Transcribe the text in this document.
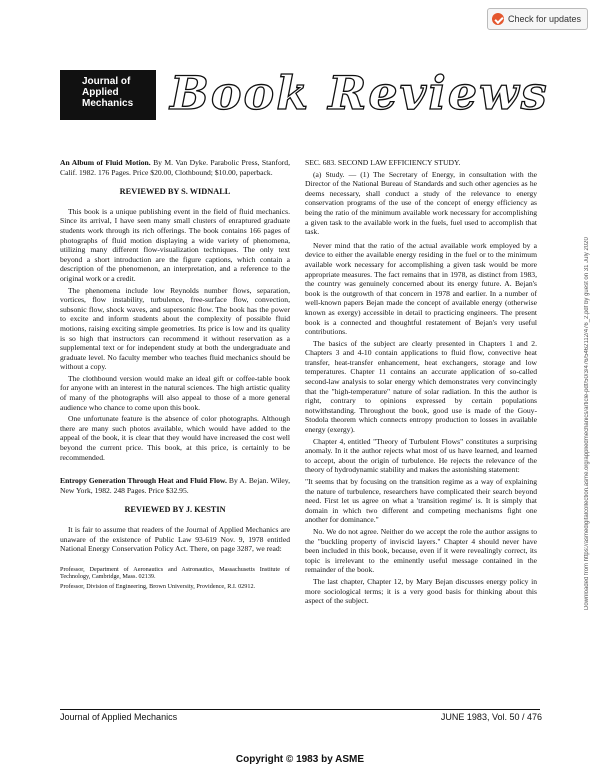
Check for updates
Journal of Applied Mechanics Book Reviews
Downloaded from https://asmedigitalcollection.asme.org/appliedmechanics/article-pdf/50/3/476/5462112/476_2.pdf by guest on 31 July 2020

An Album of Fluid Motion. By M. Van Dyke. Parabolic Press, Stanford, Calif. 1982. 176 Pages. Price $20.00, Clothbound; $10.00, paperback.

REVIEWED BY S. WIDNALL

This book is a unique publishing event in the field of fluid mechanics. Since its arrival, I have seen many small clusters of enraptured graduate students work through its rich offerings. The book contains 166 pages of photographs of fluid motion displaying a wide variety of phenomena, utilizing many different flow-visualization techniques. The only text beyond a short introduction are the figure captions, which contain a description of the phenomenon, an interpretation, and a reference to the original work or a credit.

The phenomena include low Reynolds number flows, separation, vortices, flow instability, turbulence, free-surface flow, convection, subsonic flow, shock waves, and supersonic flow. The book has the power to excite and inform students about the complexity of possible fluid motions, raising exciting simple geometries. Its price is low and its quality is so high that instructors can recommend it without reservation as a supplemental text or for independent study at both the undergraduate and graduate level. No faculty member who teaches fluid mechanics should be without a copy.

The clothbound version would make an ideal gift or coffee-table book for anyone with an interest in the natural sciences. The high artistic quality of many of the photographs will also appeal to those of a more general audience who chance to come upon this book.

One unfortunate feature is the absence of color photographs. Although there are many such photos available, which would have added to the appeal of the book, it is clear that they would have increased the cost well beyond the current price. This book, at this price, is certainly to be recommended.

Entropy Generation Through Heat and Fluid Flow. By A. Bejan. Wiley, New York, 1982. 248 Pages. Price $32.95.

REVIEWED BY J. KESTIN

It is fair to assume that readers of the Journal of Applied Mechanics are unaware of the existence of Public Law 93-619 Nov. 9, 1978 entitled National Energy Conservation Policy Act. There, on page 3287, we read:

Professor, Department of Aeronautics and Astronautics, Massachusetts Institute of Technology, Cambridge, Mass. 02139.
Professor, Division of Engineering, Brown University, Providence, R.I. 02912.

SEC. 683. SECOND LAW EFFICIENCY STUDY.

(a) Study. — (1) The Secretary of Energy, in consultation with the Director of the National Bureau of Standards and such other agencies as he deems necessary, shall conduct a study of the relevance to energy conservation programs of the use of the concept of energy efficiency as being the ratio of the minimum available work necessary for accomplishing a given task to the available work in the fuels, fuel used to accomplish that task.

Never mind that the ratio of the actual available work employed by a device to either the available energy residing in the fuel or to the minimum available work necessary for accomplishing a given task would be more appropriate measures. The fact remains that in 1978, as distinct from 1983, the country was genuinely concerned about its energy future. A. Bejan's book is the outgrowth of that concern in 1978 and earlier. In a number of well-known papers Bejan made the concept of available energy (otherwise known as exergy) accessible in detail to practicing engineers. The present book is a connected and thoughtful restatement of Bejan's very useful contributions.

The basics of the subject are clearly presented in Chapters 1 and 2. Chapters 3 and 4-10 contain applications to fluid flow, convective heat transfer, heat-transfer enhancement, heat exchangers, storage and low temperatures. Chapter 11 contains an accurate application of so-called second-law analysis to solar energy which demonstrates very convincingly that the "high-temperature" nature of solar radiation. In this the author is right, contrary to opinions expressed by certain populations notwithstanding. Throughout the book, good use is made of the Gouy-Stodola theorem which connects entropy production to losses in available energy (exergy).

Chapter 4, entitled "Theory of Turbulent Flows" constitutes a surprising anomaly. In it the author rejects what most of us have learned, and learned to accept, about the origin of turbulence. He rejects the relevance of the theory of hydrodynamic stability and makes the astonishing statement:

"It seems that by focusing on the transition regime as a way of explaining the nature of turbulence, researchers have complicated their search beyond need. First let us agree on what a 'transition regime' is. It is simply that domain in which two different and competing mechanisms fight one another for dominance."

No. We do not agree. Neither do we accept the role the author assigns to the "buckling property of inviscid layers." Chapter 4 should never have been included in this book, because, even if it were revealingly correct, its topic is irrelevant to the eminently useful message contained in the remainder of the book.

The last chapter, Chapter 12, by Mary Bejan discusses energy policy in more sociological terms; it is a very good basis for thinking about this aspect of the subject.

Journal of Applied Mechanics	JUNE 1983, Vol. 50 / 476
Copyright © 1983 by ASME
